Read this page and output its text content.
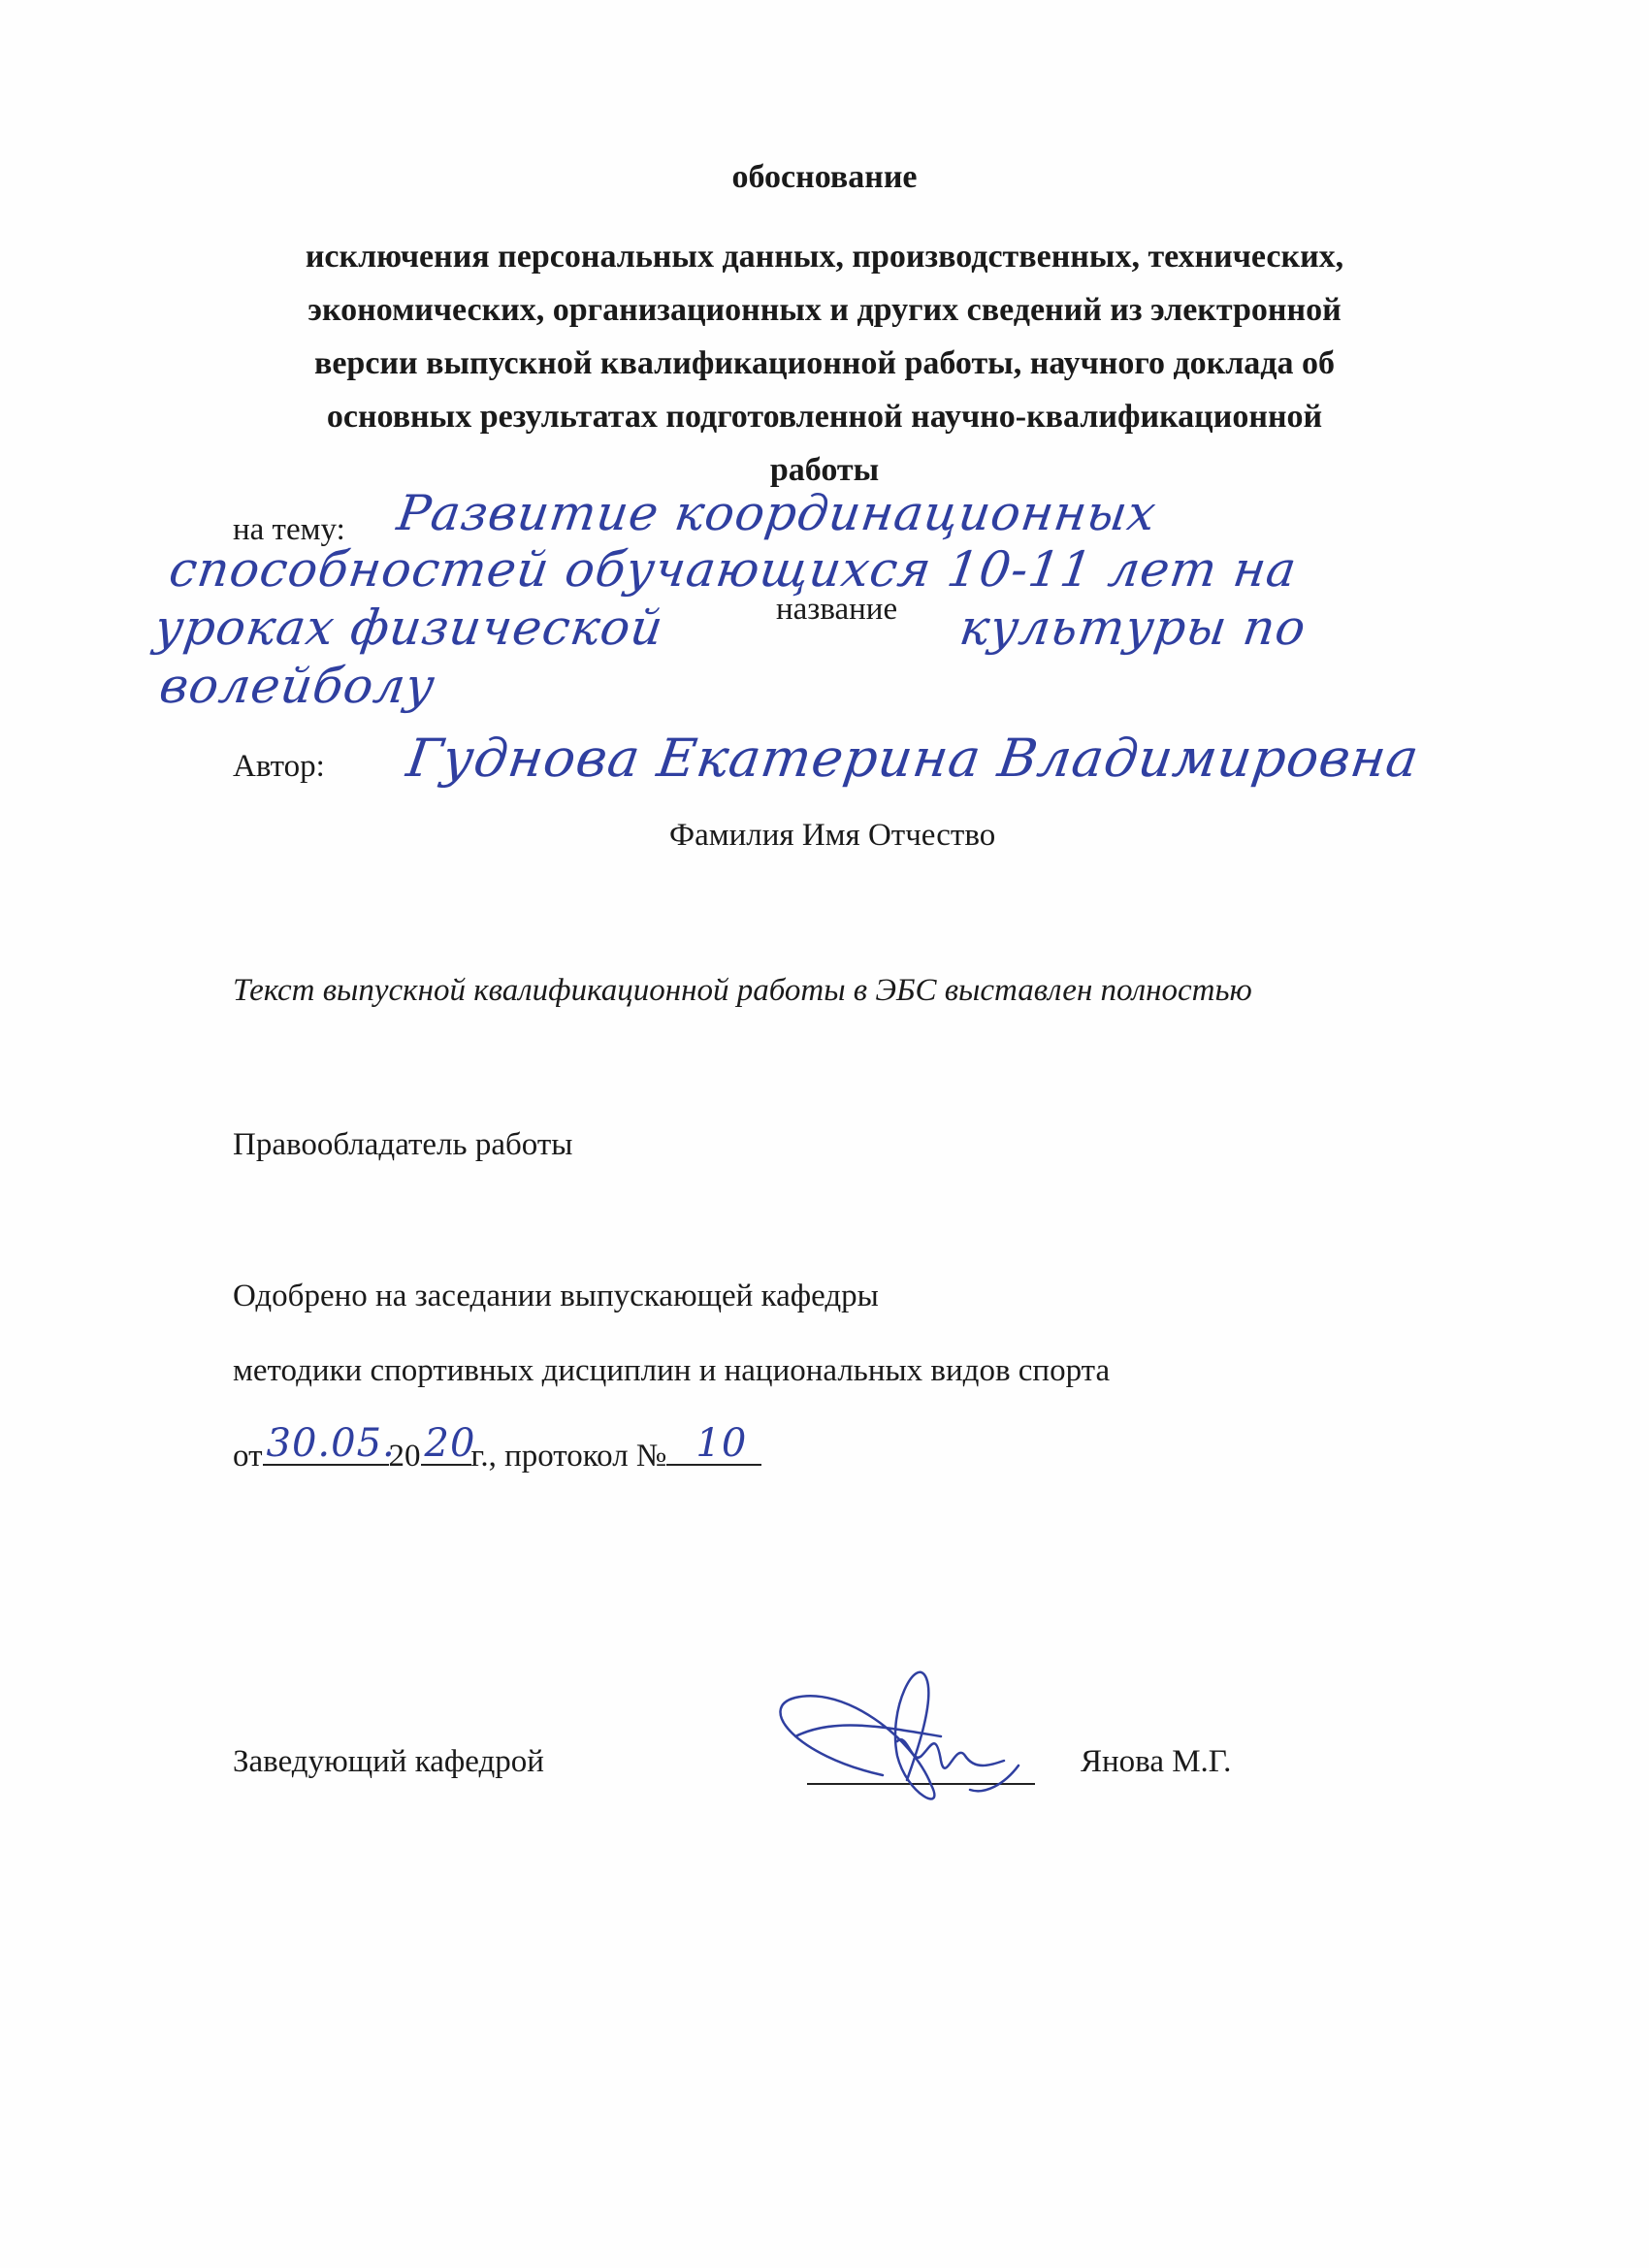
обоснование
исключения персональных данных, производственных, технических,
экономических, организационных и других сведений из электронной
версии выпускной квалификационной работы, научного доклада об
основных результатах подготовленной научно-квалификационной
работы
на тему: Развитие координационных
способностей обучающихся 10-11 лет на
уроках физической	название культуры по
волейболу
Автор: Гуднова Екатерина Владимировна
Фамилия Имя Отчество
Текст выпускной квалификационной работы в ЭБС выставлен полностью
Правообладатель работы
Одобрено на заседании выпускающей кафедры
методики спортивных дисциплин и национальных видов спорта
от 30.05.
20 20
г., протокол № 10
Заведующий кафедрой	Янова М.Г.
